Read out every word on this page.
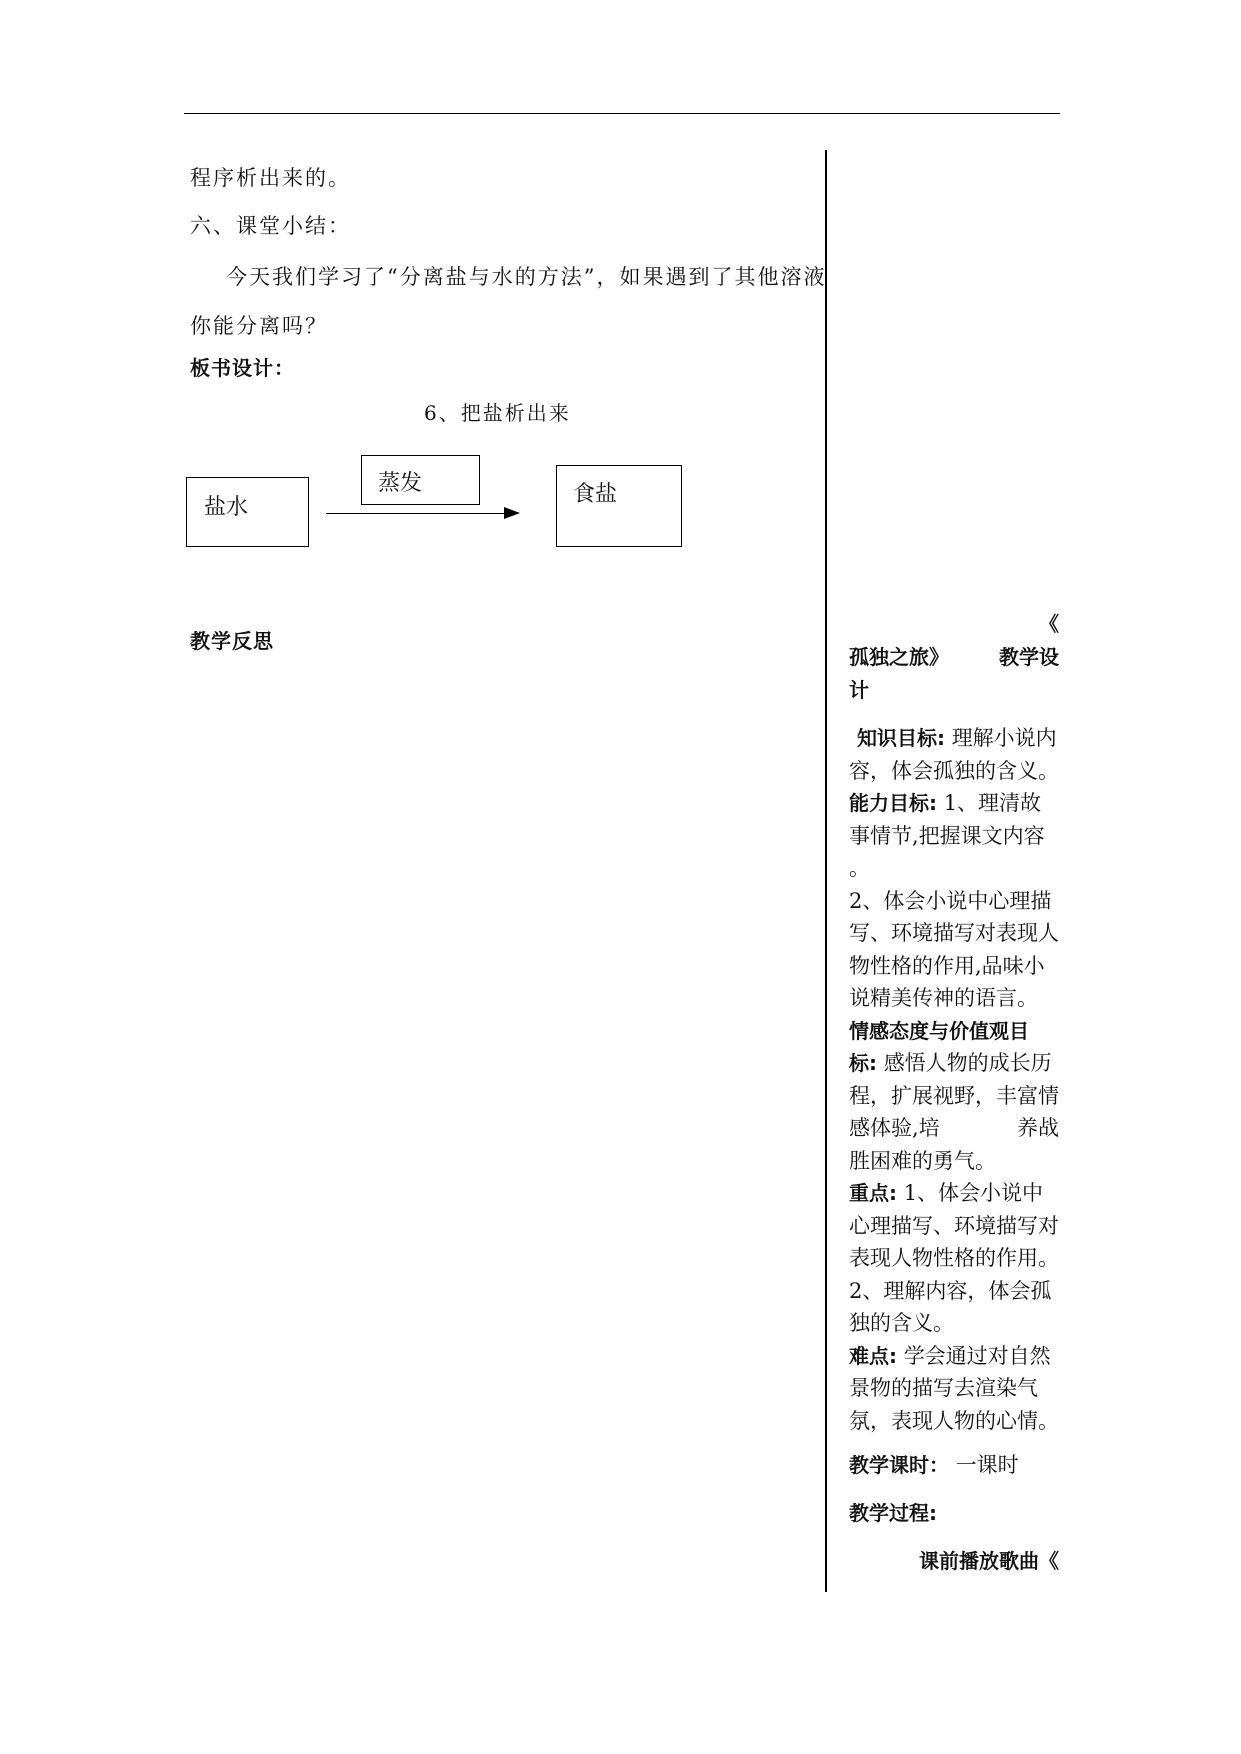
程序析出来的。
六、课堂小结：
今天我们学习了“分离盐与水的方法”，如果遇到了其他溶液
你能分离吗？
板书设计：
教学反思
6、把盐析出来
盐水
蒸发	食盐
《
孤独之旅》	教学设
计
知识目标: 理解小说内
容，体会孤独的含义。
能力目标: 1、理清故
事情节,把握课文内容
。
2、体会小说中心理描
写、环境描写对表现人
物性格的作用,品味小
说精美传神的语言。
情感态度与价值观目
标: 感悟人物的成长历
程，扩展视野，丰富情
感体验,培	养战
胜困难的勇气。
重点: 1、体会小说中
心理描写、环境描写对
表现人物性格的作用。
2、理解内容，体会孤
独的含义。
难点: 学会通过对自然
景物的描写去渲染气
氛，表现人物的心情。
教学课时： 一课时
教学过程:
课前播放歌曲《
